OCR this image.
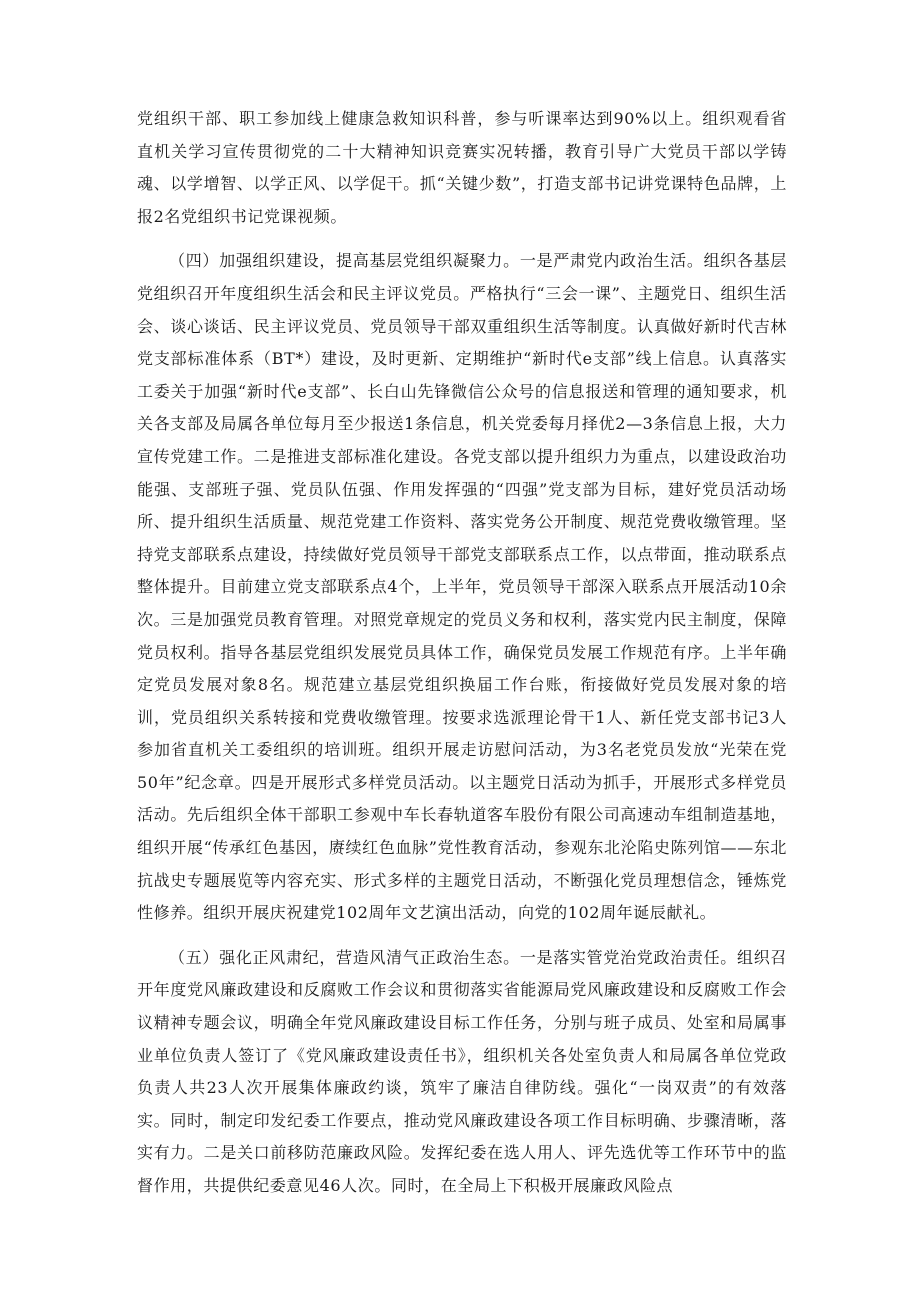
党组织干部、职工参加线上健康急救知识科普，参与听课率达到90%以上。组织观看省直机关学习宣传贯彻党的二十大精神知识竞赛实况转播，教育引导广大党员干部以学铸魂、以学增智、以学正风、以学促干。抓“关键少数”，打造支部书记讲党课特色品牌，上报2名党组织书记党课视频。

（四）加强组织建设，提高基层党组织凝聚力。一是严肃党内政治生活。组织各基层党组织召开年度组织生活会和民主评议党员。严格执行“三会一课”、主题党日、组织生活会、谈心谈话、民主评议党员、党员领导干部双重组织生活等制度。认真做好新时代吉林党支部标准体系（BT*）建设，及时更新、定期维护“新时代e支部”线上信息。认真落实工委关于加强“新时代e支部”、长白山先锋微信公众号的信息报送和管理的通知要求，机关各支部及局属各单位每月至少报送1条信息，机关党委每月择优2—3条信息上报，大力宣传党建工作。二是推进支部标准化建设。各党支部以提升组织力为重点，以建设政治功能强、支部班子强、党员队伍强、作用发挥强的“四强”党支部为目标，建好党员活动场所、提升组织生活质量、规范党建工作资料、落实党务公开制度、规范党费收缴管理。坚持党支部联系点建设，持续做好党员领导干部党支部联系点工作，以点带面，推动联系点整体提升。目前建立党支部联系点4个，上半年，党员领导干部深入联系点开展活动10余次。三是加强党员教育管理。对照党章规定的党员义务和权利，落实党内民主制度，保障党员权利。指导各基层党组织发展党员具体工作，确保党员发展工作规范有序。上半年确定党员发展对象8名。规范建立基层党组织换届工作台账，衔接做好党员发展对象的培训，党员组织关系转接和党费收缴管理。按要求选派理论骨干1人、新任党支部书记3人参加省直机关工委组织的培训班。组织开展走访慰问活动，为3名老党员发放“光荣在党50年”纪念章。四是开展形式多样党员活动。以主题党日活动为抓手，开展形式多样党员活动。先后组织全体干部职工参观中车长春轨道客车股份有限公司高速动车组制造基地，组织开展“传承红色基因，赓续红色血脉”党性教育活动，参观东北沦陷史陈列馆——东北抗战史专题展览等内容充实、形式多样的主题党日活动，不断强化党员理想信念，锤炼党性修养。组织开展庆祝建党102周年文艺演出活动，向党的102周年诞辰献礼。

（五）强化正风肃纪，营造风清气正政治生态。一是落实管党治党政治责任。组织召开年度党风廉政建设和反腐败工作会议和贯彻落实省能源局党风廉政建设和反腐败工作会议精神专题会议，明确全年党风廉政建设目标工作任务，分别与班子成员、处室和局属事业单位负责人签订了《党风廉政建设责任书》，组织机关各处室负责人和局属各单位党政负责人共23人次开展集体廉政约谈，筑牢了廉洁自律防线。强化“一岗双责”的有效落实。同时，制定印发纪委工作要点，推动党风廉政建设各项工作目标明确、步骤清晰，落实有力。二是关口前移防范廉政风险。发挥纪委在选人用人、评先选优等工作环节中的监督作用，共提供纪委意见46人次。同时，在全局上下积极开展廉政风险点
